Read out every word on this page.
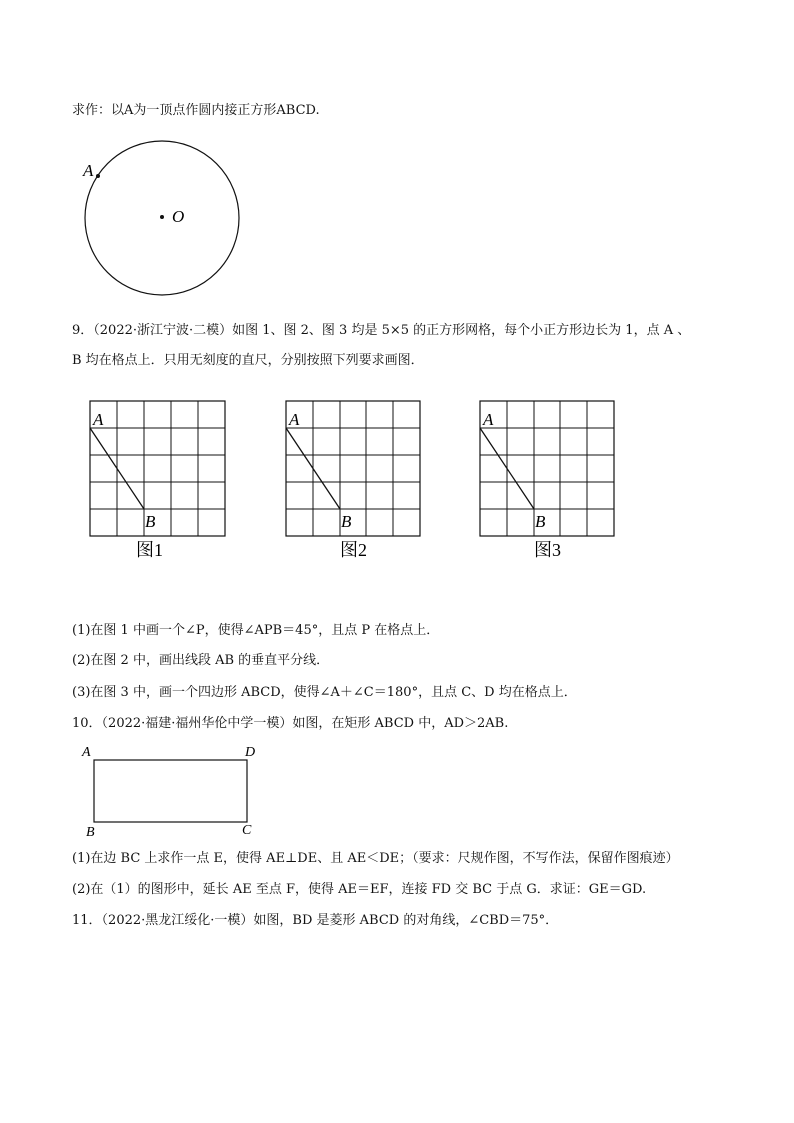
求作：以A为一顶点作圆内接正方形ABCD.
A
O
A
B
图1
A
B
图2
A
B
图3
A	D
B	C
9．（2022·浙江宁波·二模）如图 1、图 2、图 3 均是 5×5 的正方形网格，每个小正方形边长为 1，点 A 、
B 均在格点上．只用无刻度的直尺，分别按照下列要求画图．
(1)在图 1 中画一个∠P，使得∠APB＝45°，且点 P 在格点上．
(2)在图 2 中，画出线段 AB 的垂直平分线．
(3)在图 3 中，画一个四边形 ABCD，使得∠A＋∠C＝180°，且点 C、D 均在格点上．
10．（2022·福建·福州华伦中学一模）如图，在矩形 ABCD 中，AD＞2AB.
(1)在边 BC 上求作一点 E，使得 AE⊥DE、且 AE＜DE；（要求：尺规作图，不写作法，保留作图痕迹）
(2)在（1）的图形中，延长 AE 至点 F，使得 AE＝EF，连接 FD 交 BC 于点 G．求证：GE＝GD.
11．（2022·黑龙江绥化·一模）如图，BD 是菱形 ABCD 的对角线，∠CBD＝75°．
